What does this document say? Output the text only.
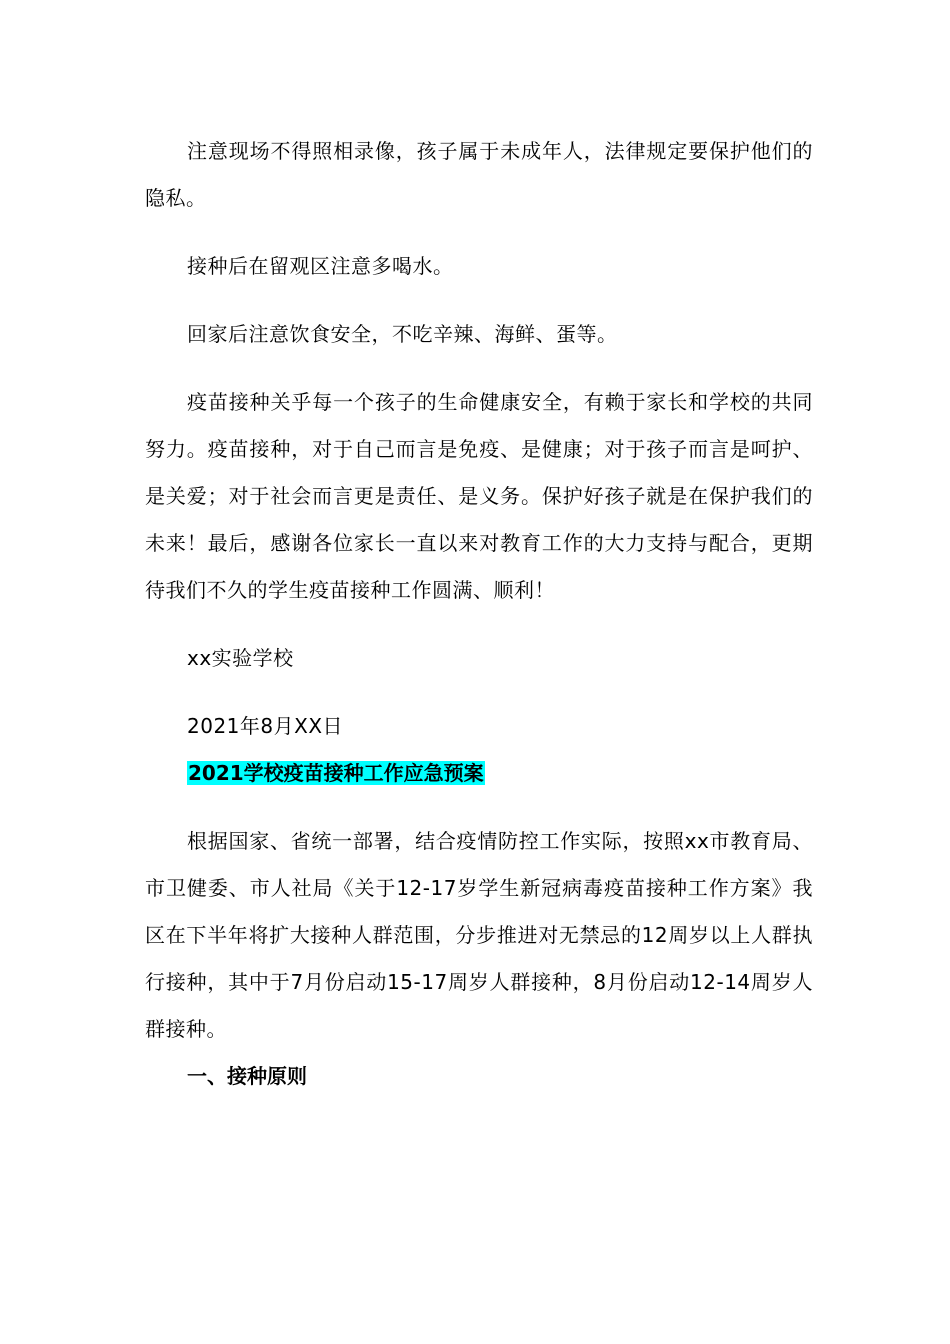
注意现场不得照相录像，孩子属于未成年人，法律规定要保护他们的隐私。

接种后在留观区注意多喝水。

回家后注意饮食安全，不吃辛辣、海鲜、蛋等。

疫苗接种关乎每一个孩子的生命健康安全，有赖于家长和学校的共同努力。疫苗接种，对于自己而言是免疫、是健康；对于孩子而言是呵护、是关爱；对于社会而言更是责任、是义务。保护好孩子就是在保护我们的未来！最后，感谢各位家长一直以来对教育工作的大力支持与配合，更期待我们不久的学生疫苗接种工作圆满、顺利！

xx实验学校

2021年8月XX日

2021学校疫苗接种工作应急预案

根据国家、省统一部署，结合疫情防控工作实际，按照xx市教育局、市卫健委、市人社局《关于12-17岁学生新冠病毒疫苗接种工作方案》我区在下半年将扩大接种人群范围，分步推进对无禁忌的12周岁以上人群执行接种，其中于7月份启动15-17周岁人群接种，8月份启动12-14周岁人群接种。

一、接种原则
